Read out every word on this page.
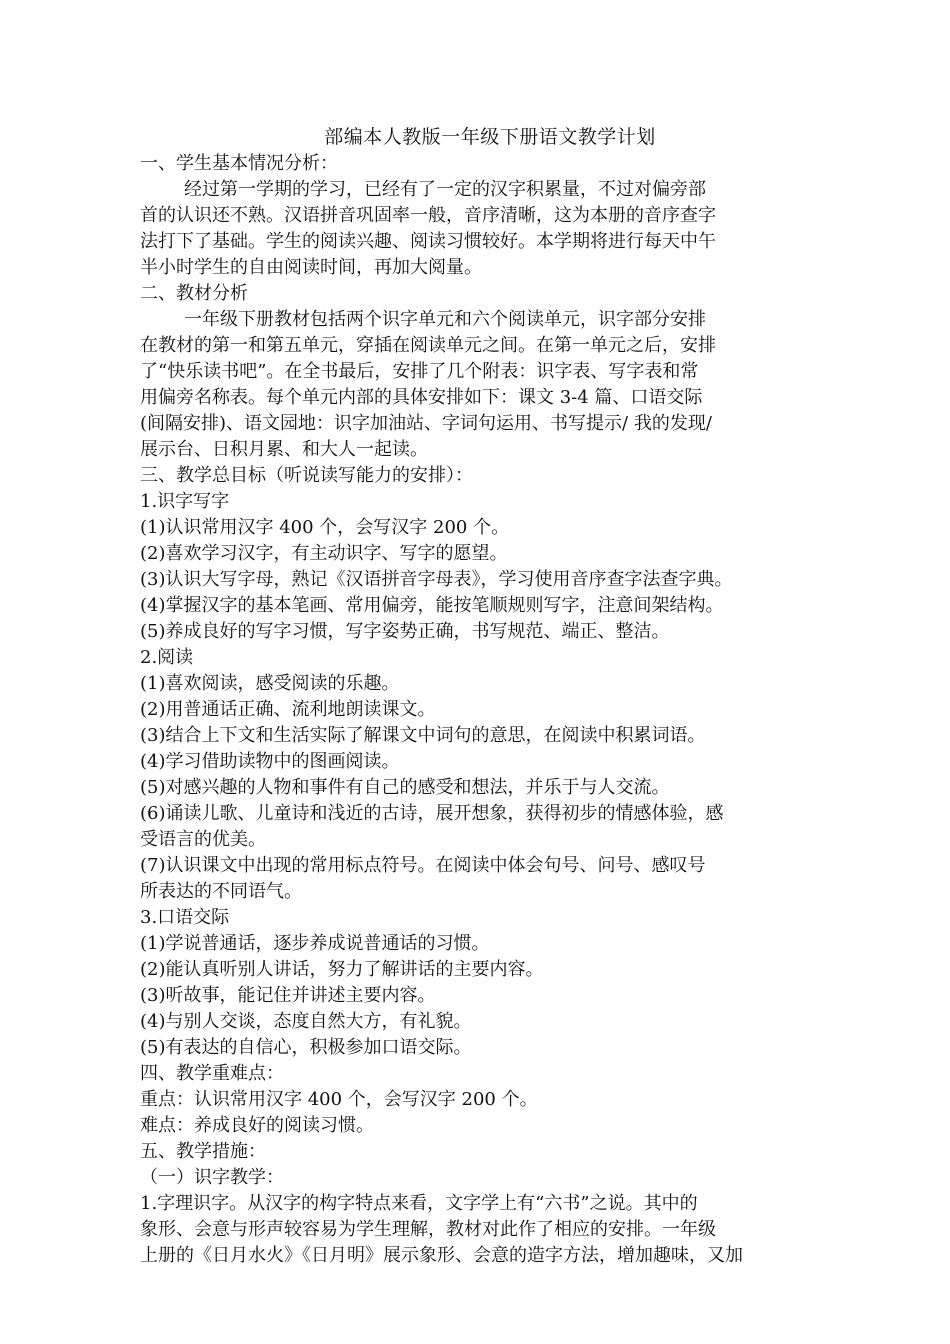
部编本人教版一年级下册语文教学计划
一、学生基本情况分析：
经过第一学期的学习，已经有了一定的汉字积累量，不过对偏旁部
首的认识还不熟。汉语拼音巩固率一般，音序清晰，这为本册的音序查字
法打下了基础。学生的阅读兴趣、阅读习惯较好。本学期将进行每天中午
半小时学生的自由阅读时间，再加大阅量。
二、教材分析
一年级下册教材包括两个识字单元和六个阅读单元，识字部分安排
在教材的第一和第五单元，穿插在阅读单元之间。在第一单元之后，安排
了“快乐读书吧”。在全书最后，安排了几个附表：识字表、写字表和常
用偏旁名称表。每个单元内部的具体安排如下：课文 3-4 篇、口语交际
(间隔安排)、语文园地：识字加油站、字词句运用、书写提示/ 我的发现/
展示台、日积月累、和大人一起读。
三、教学总目标（听说读写能力的安排）：
1.识字写字
(1)认识常用汉字 400 个，会写汉字 200 个。
(2)喜欢学习汉字，有主动识字、写字的愿望。
(3)认识大写字母，熟记《汉语拼音字母表》，学习使用音序查字法查字典。
(4)掌握汉字的基本笔画、常用偏旁，能按笔顺规则写字，注意间架结构。
(5)养成良好的写字习惯，写字姿势正确，书写规范、端正、整洁。
2.阅读
(1)喜欢阅读，感受阅读的乐趣。
(2)用普通话正确、流利地朗读课文。
(3)结合上下文和生活实际了解课文中词句的意思，在阅读中积累词语。
(4)学习借助读物中的图画阅读。
(5)对感兴趣的人物和事件有自己的感受和想法，并乐于与人交流。
(6)诵读儿歌、儿童诗和浅近的古诗，展开想象，获得初步的情感体验，感
受语言的优美。
(7)认识课文中出现的常用标点符号。在阅读中体会句号、问号、感叹号
所表达的不同语气。
3.口语交际
(1)学说普通话，逐步养成说普通话的习惯。
(2)能认真听别人讲话，努力了解讲话的主要内容。
(3)听故事，能记住并讲述主要内容。
(4)与别人交谈，态度自然大方，有礼貌。
(5)有表达的自信心，积极参加口语交际。
四、教学重难点：
重点：认识常用汉字 400 个，会写汉字 200 个。
难点：养成良好的阅读习惯。
五、教学措施：
（一）识字教学：
1.字理识字。从汉字的构字特点来看，文字学上有“六书”之说。其中的
象形、会意与形声较容易为学生理解，教材对此作了相应的安排。一年级
上册的《日月水火》《日月明》展示象形、会意的造字方法，增加趣味，又加
